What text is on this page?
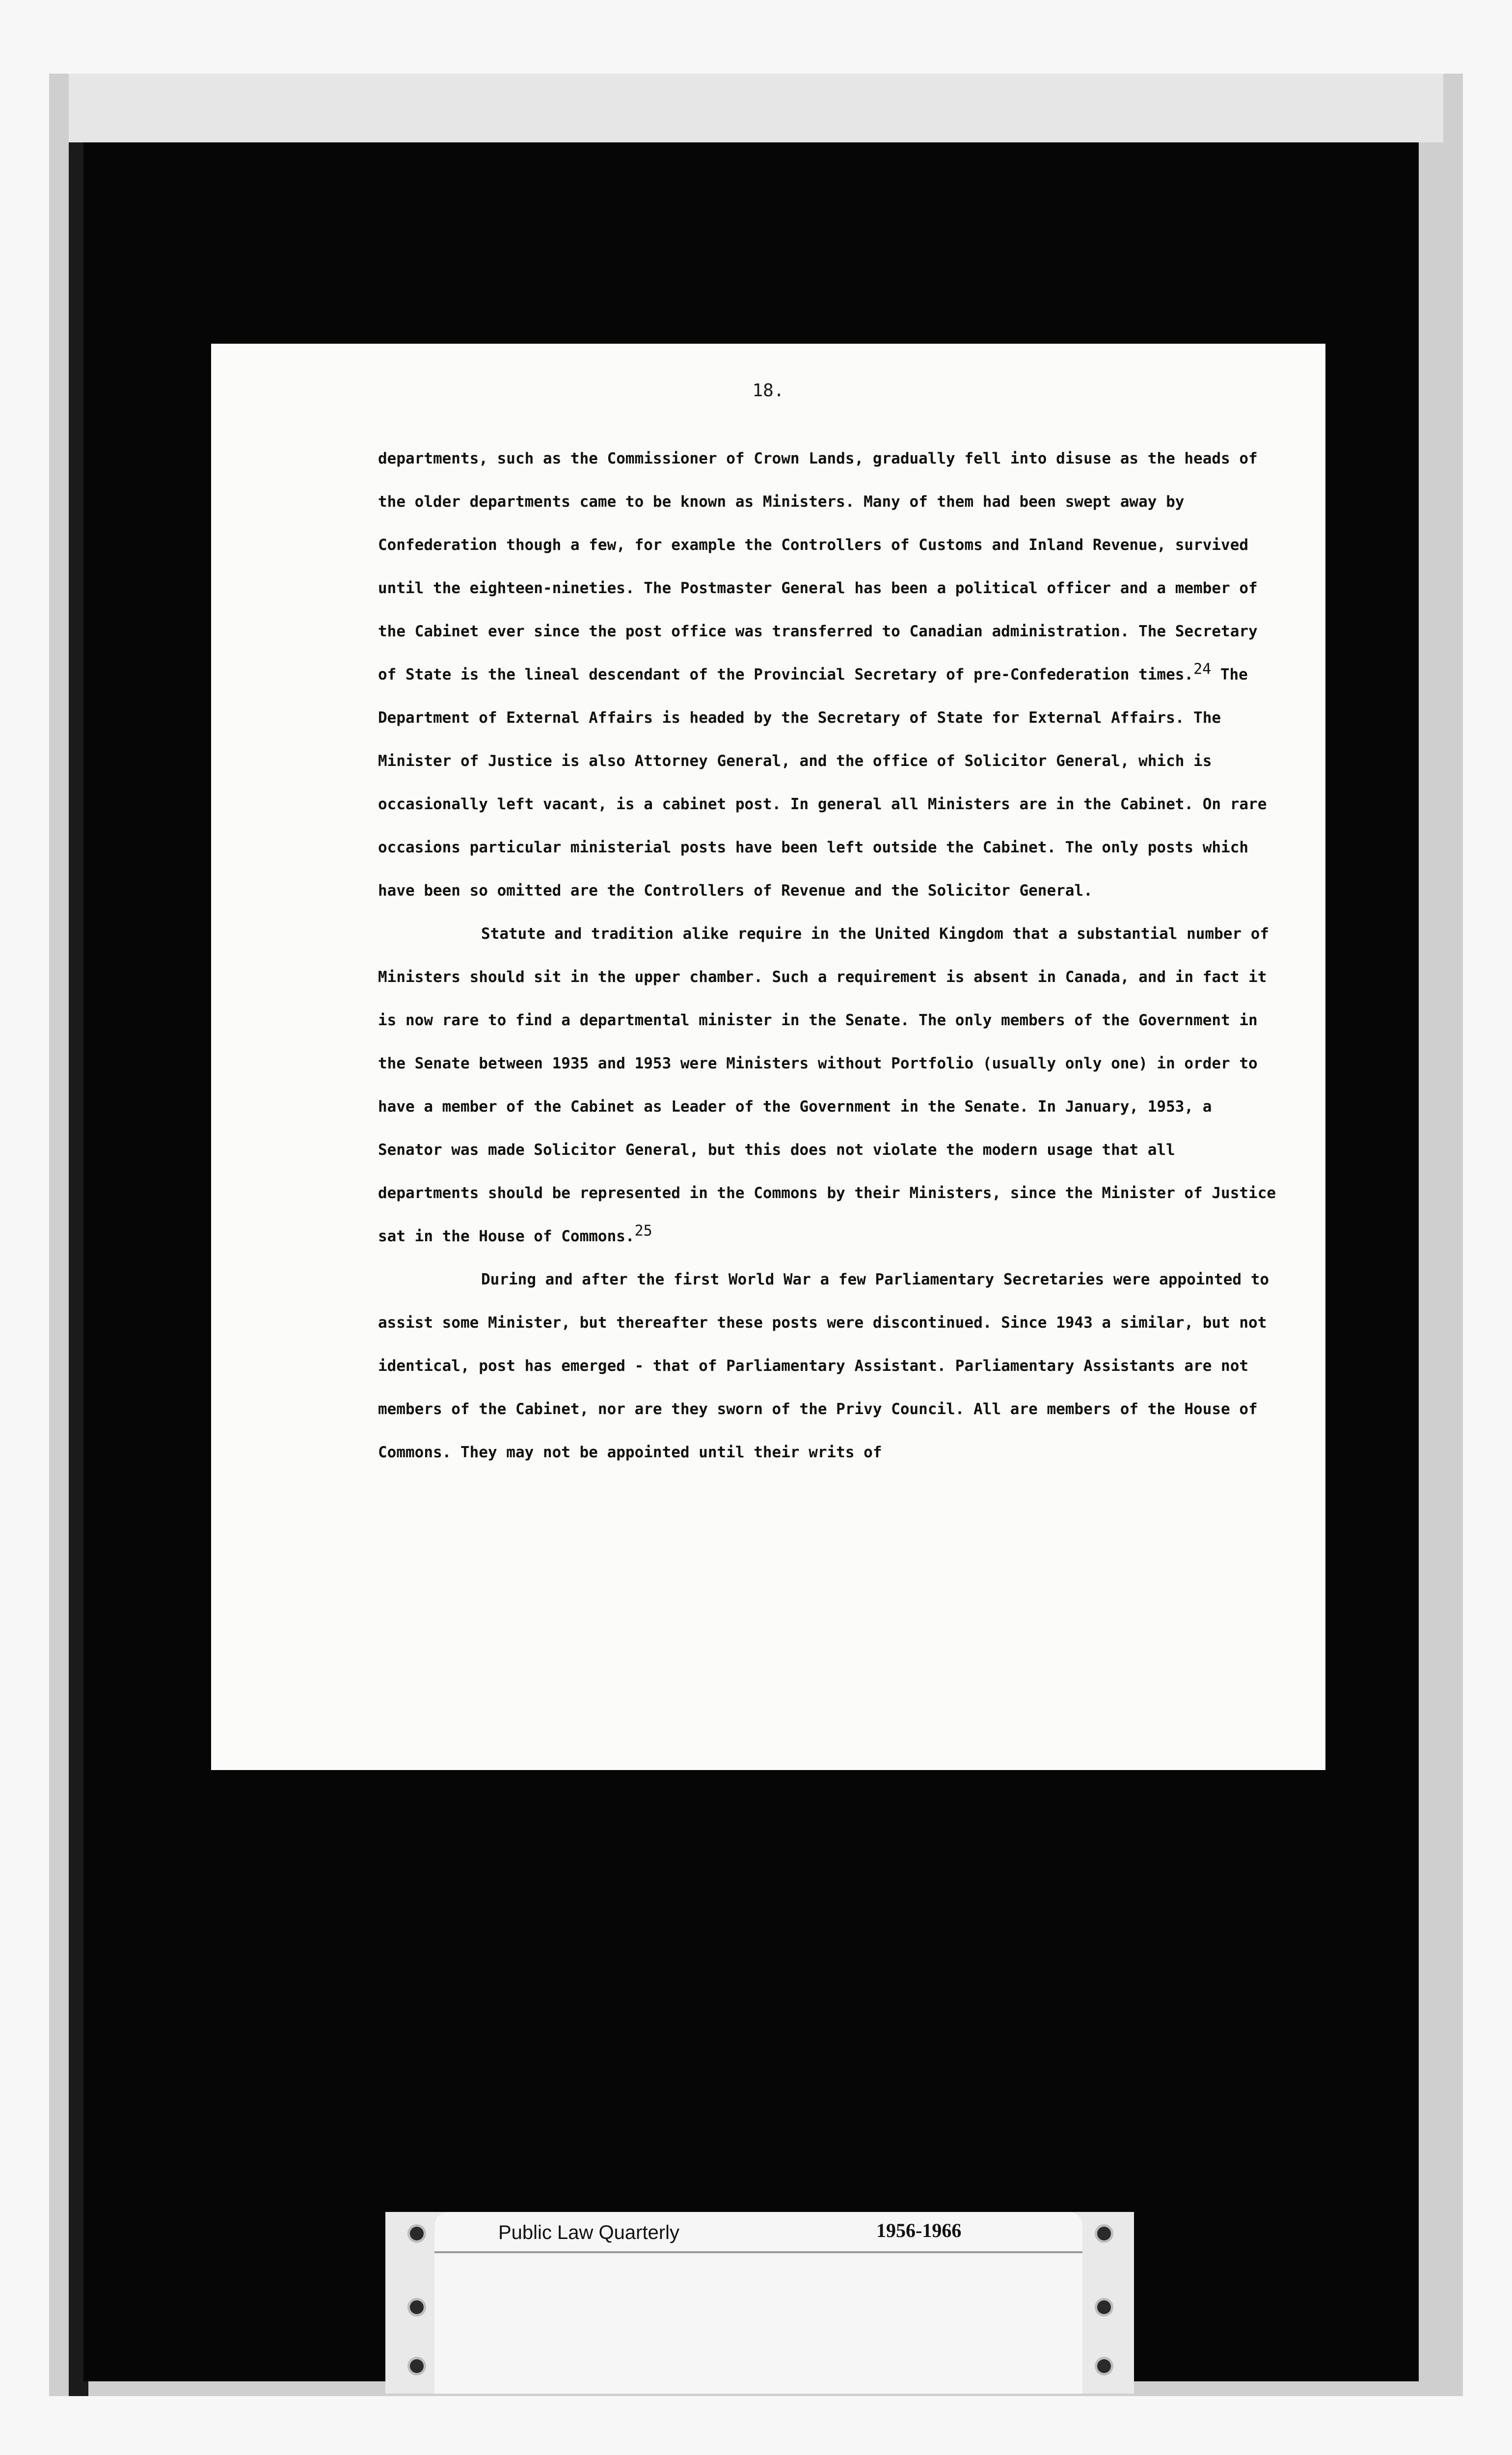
18.

departments, such as the Commissioner of Crown Lands, gradually fell into disuse as the heads of the older departments came to be known as Ministers. Many of them had been swept away by Confederation though a few, for example the Controllers of Customs and Inland Revenue, survived until the eighteen-nineties. The Postmaster General has been a political officer and a member of the Cabinet ever since the post office was transferred to Canadian administration. The Secretary of State is the lineal descendant of the Provincial Secretary of pre-Confederation times.24 The Department of External Affairs is headed by the Secretary of State for External Affairs. The Minister of Justice is also Attorney General, and the office of Solicitor General, which is occasionally left vacant, is a cabinet post. In general all Ministers are in the Cabinet. On rare occasions particular ministerial posts have been left outside the Cabinet. The only posts which have been so omitted are the Controllers of Revenue and the Solicitor General.

Statute and tradition alike require in the United Kingdom that a substantial number of Ministers should sit in the upper chamber. Such a requirement is absent in Canada, and in fact it is now rare to find a departmental minister in the Senate. The only members of the Government in the Senate between 1935 and 1953 were Ministers without Portfolio (usually only one) in order to have a member of the Cabinet as Leader of the Government in the Senate. In January, 1953, a Senator was made Solicitor General, but this does not violate the modern usage that all departments should be represented in the Commons by their Ministers, since the Minister of Justice sat in the House of Commons.25

During and after the first World War a few Parliamentary Secretaries were appointed to assist some Minister, but thereafter these posts were discontinued. Since 1943 a similar, but not identical, post has emerged - that of Parliamentary Assistant. Parliamentary Assistants are not members of the Cabinet, nor are they sworn of the Privy Council. All are members of the House of Commons. They may not be appointed until their writs of

Public Law Quarterly	1956-1966
